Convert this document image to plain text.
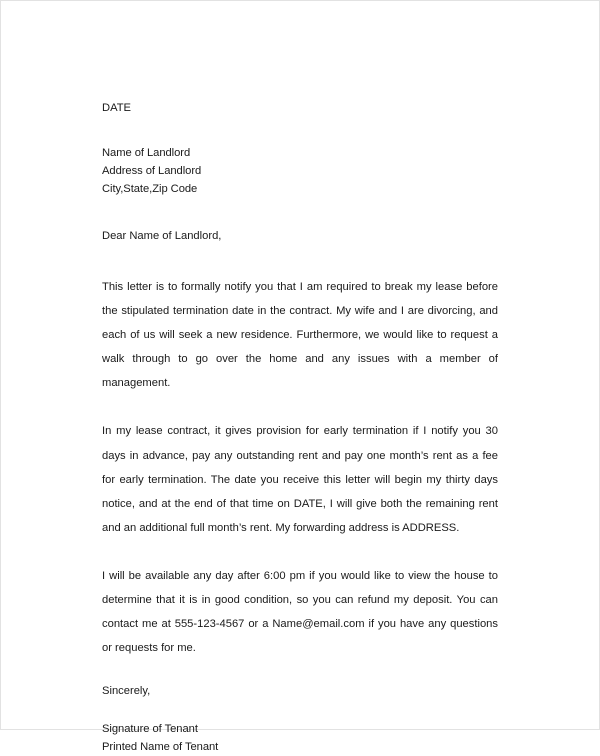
DATE
Name of Landlord
Address of Landlord
City,State,Zip Code
Dear Name of Landlord,

This letter is to formally notify you that I am required to break my lease before the stipulated termination date in the contract. My wife and I are divorcing, and each of us will seek a new residence. Furthermore, we would like to request a walk through to go over the home and any issues with a member of management.

In my lease contract, it gives provision for early termination if I notify you 30 days in advance, pay any outstanding rent and pay one month’s rent as a fee for early termination. The date you receive this letter will begin my thirty days notice, and at the end of that time on DATE, I will give both the remaining rent and an additional full month’s rent. My forwarding address is ADDRESS.

I will be available any day after 6:00 pm if you would like to view the house to determine that it is in good condition, so you can refund my deposit. You can contact me at 555-123-4567 or a Name@email.com if you have any questions or requests for me.

Sincerely,
Signature of Tenant
Printed Name of Tenant
